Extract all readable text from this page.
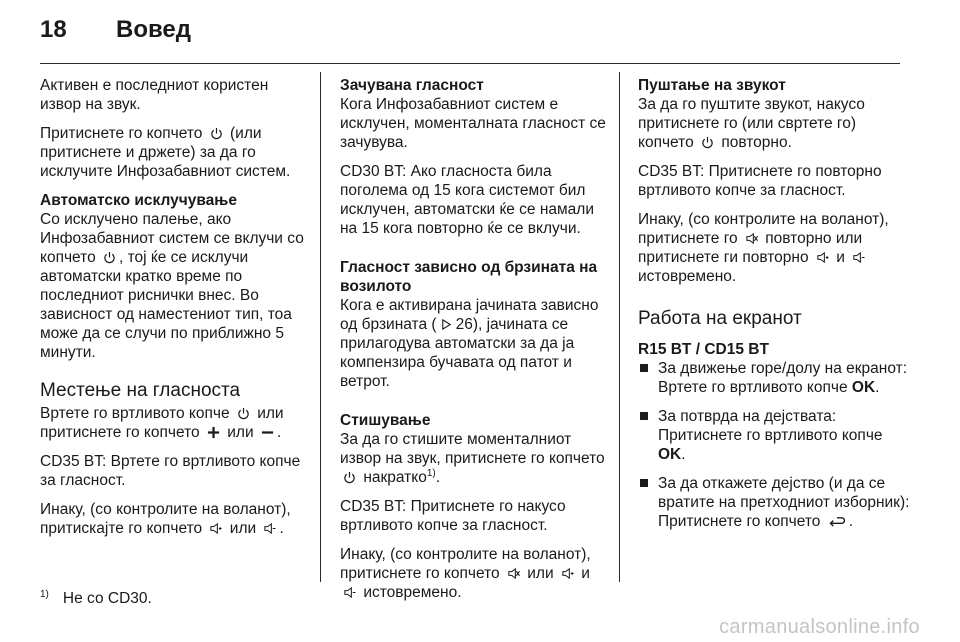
18	Вовед

Активен е последниот користен извор на звук.

Притиснете го копчето (или притиснете и држете) за да го исклучите Инфозабавниот систем.

Автоматско исклучување

Со исклучено палење, ако Инфозабавниот систем се вклучи со копчето , тој ќе се исклучи автоматски кратко време по последниот риснички внес. Во зависност од наместениот тип, тоа може да се случи по приближно 5 минути.

Местење на гласноста

Вртете го вртливото копче или притиснете го копчето или .

CD35 BT: Вртете го вртливото копче за гласност.

Инаку, (со контролите на воланот), притискајте го копчето или .

Зачувана гласност

Кога Инфозабавниот систем е исклучен, моменталната гласност се зачувува.

CD30 BT: Ако гласноста била поголема од 15 кога системот бил исклучен, автоматски ќе се намали на 15 кога повторно ќе се вклучи.

Гласност зависно од брзината на возилото

Кога е активирана јачината зависно од брзината ( 26), јачината се прилагодува автоматски за да ја компензира бучавата од патот и ветрот.

Стишување

За да го стишите моменталниот извор на звук, притиснете го копчето
накратко$^{1)}$.

CD35 BT: Притиснете го накусо вртливото копче за гласност.

Инаку, (со контролите на воланот), притиснете го копчето или и
истовремено.

Пуштање на звукот

За да го пуштите звукот, накусо притиснете го (или свртете го) копчето повторно.

CD35 BT: Притиснете го повторно вртливото копче за гласност.

Инаку, (со контролите на воланот), притиснете го повторно или притиснете ги повторно и
истовремено.

Работа на екранот
R15 BT / CD15 BT
За движење горе/долу на екранот: Вртете го вртливото копче OK.
За потврда на дејствата: Притиснете го вртливото копче OK.
За да откажете дејство (и да се вратите на претходниот изборник): Притиснете го копчето
.
$^{1)}$ Не со CD30.
carmanualsonline.info
